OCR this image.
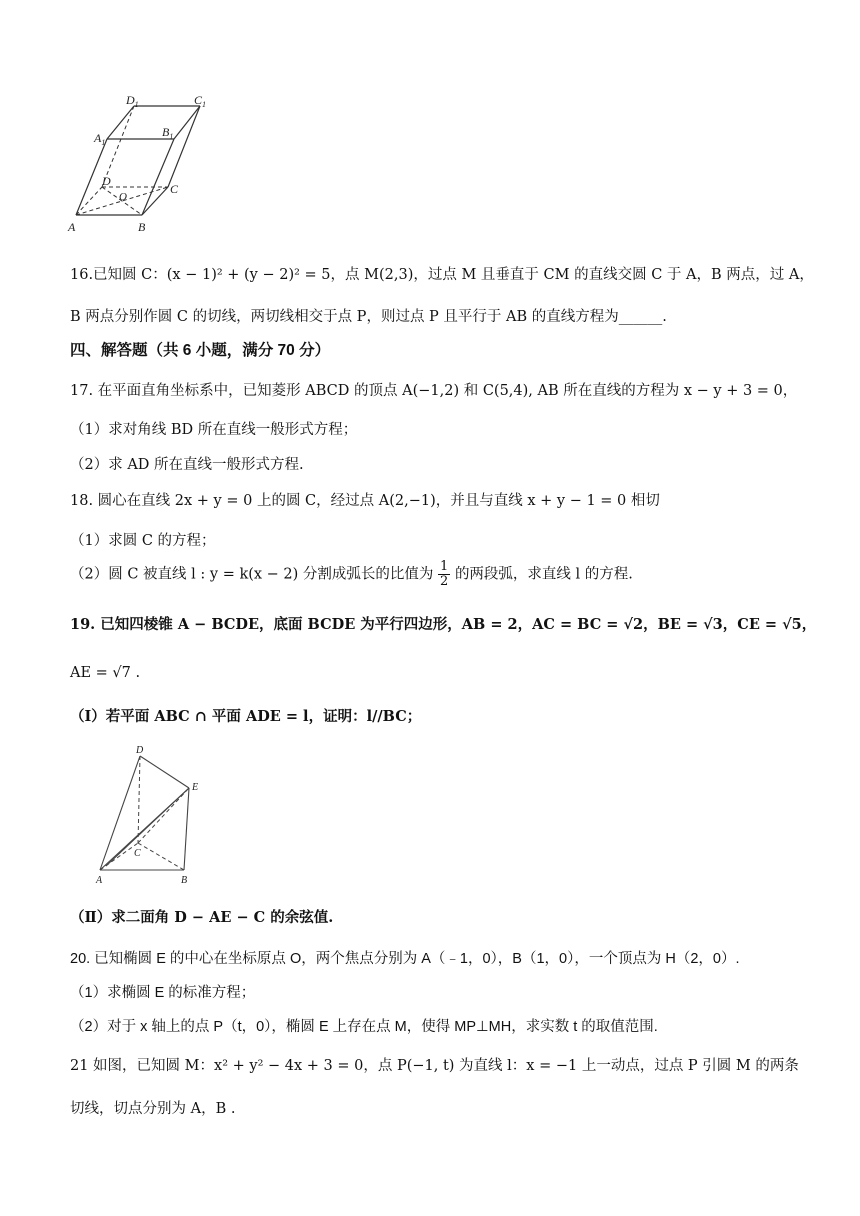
$D_1$	$C_1$
$A_1$
$B_1$
D
C
O
A	B
16.已知圆 C：(x − 1)² + (y − 2)² = 5，点 M(2,3)，过点 M 且垂直于 CM 的直线交圆 C 于 A，B 两点，过 A，
B 两点分别作圆 C 的切线，两切线相交于点 P，则过点 P 且平行于 AB 的直线方程为______.
四、解答题（共 6 小题，满分 70 分）
17. 在平面直角坐标系中，已知菱形 ABCD 的顶点 A(−1,2) 和 C(5,4), AB 所在直线的方程为 x − y + 3 = 0，
（1）求对角线 BD 所在直线一般形式方程；
（2）求 AD 所在直线一般形式方程.
18. 圆心在直线 2x + y = 0 上的圆 C，经过点 A(2,−1)，并且与直线 x + y − 1 = 0 相切
（1）求圆 C 的方程；
（2）圆 C 被直线 l : y = k(x − 2) 分割成弧长的比值为 $\frac{1}{2}$ 的两段弧，求直线 l 的方程.
19. 已知四棱锥 A − BCDE，底面 BCDE 为平行四边形，AB = 2，AC = BC = √2，BE = √3，CE = √5，
AE = √7 .
（Ⅰ）若平面 ABC ∩ 平面 ADE = l，证明：l//BC；
D
E
C
A	B
（Ⅱ）求二面角 D − AE − C 的余弦值.
20. 已知椭圆 E 的中心在坐标原点 O，两个焦点分别为 A（﹣1，0），B（1，0），一个顶点为 H（2，0）.
（1）求椭圆 E 的标准方程；
（2）对于 x 轴上的点 P（t，0），椭圆 E 上存在点 M，使得 MP⊥MH，求实数 t 的取值范围.
21 如图，已知圆 M：x² + y² − 4x + 3 = 0，点 P(−1, t) 为直线 l：x = −1 上一动点，过点 P 引圆 M 的两条
切线，切点分别为 A，B .
